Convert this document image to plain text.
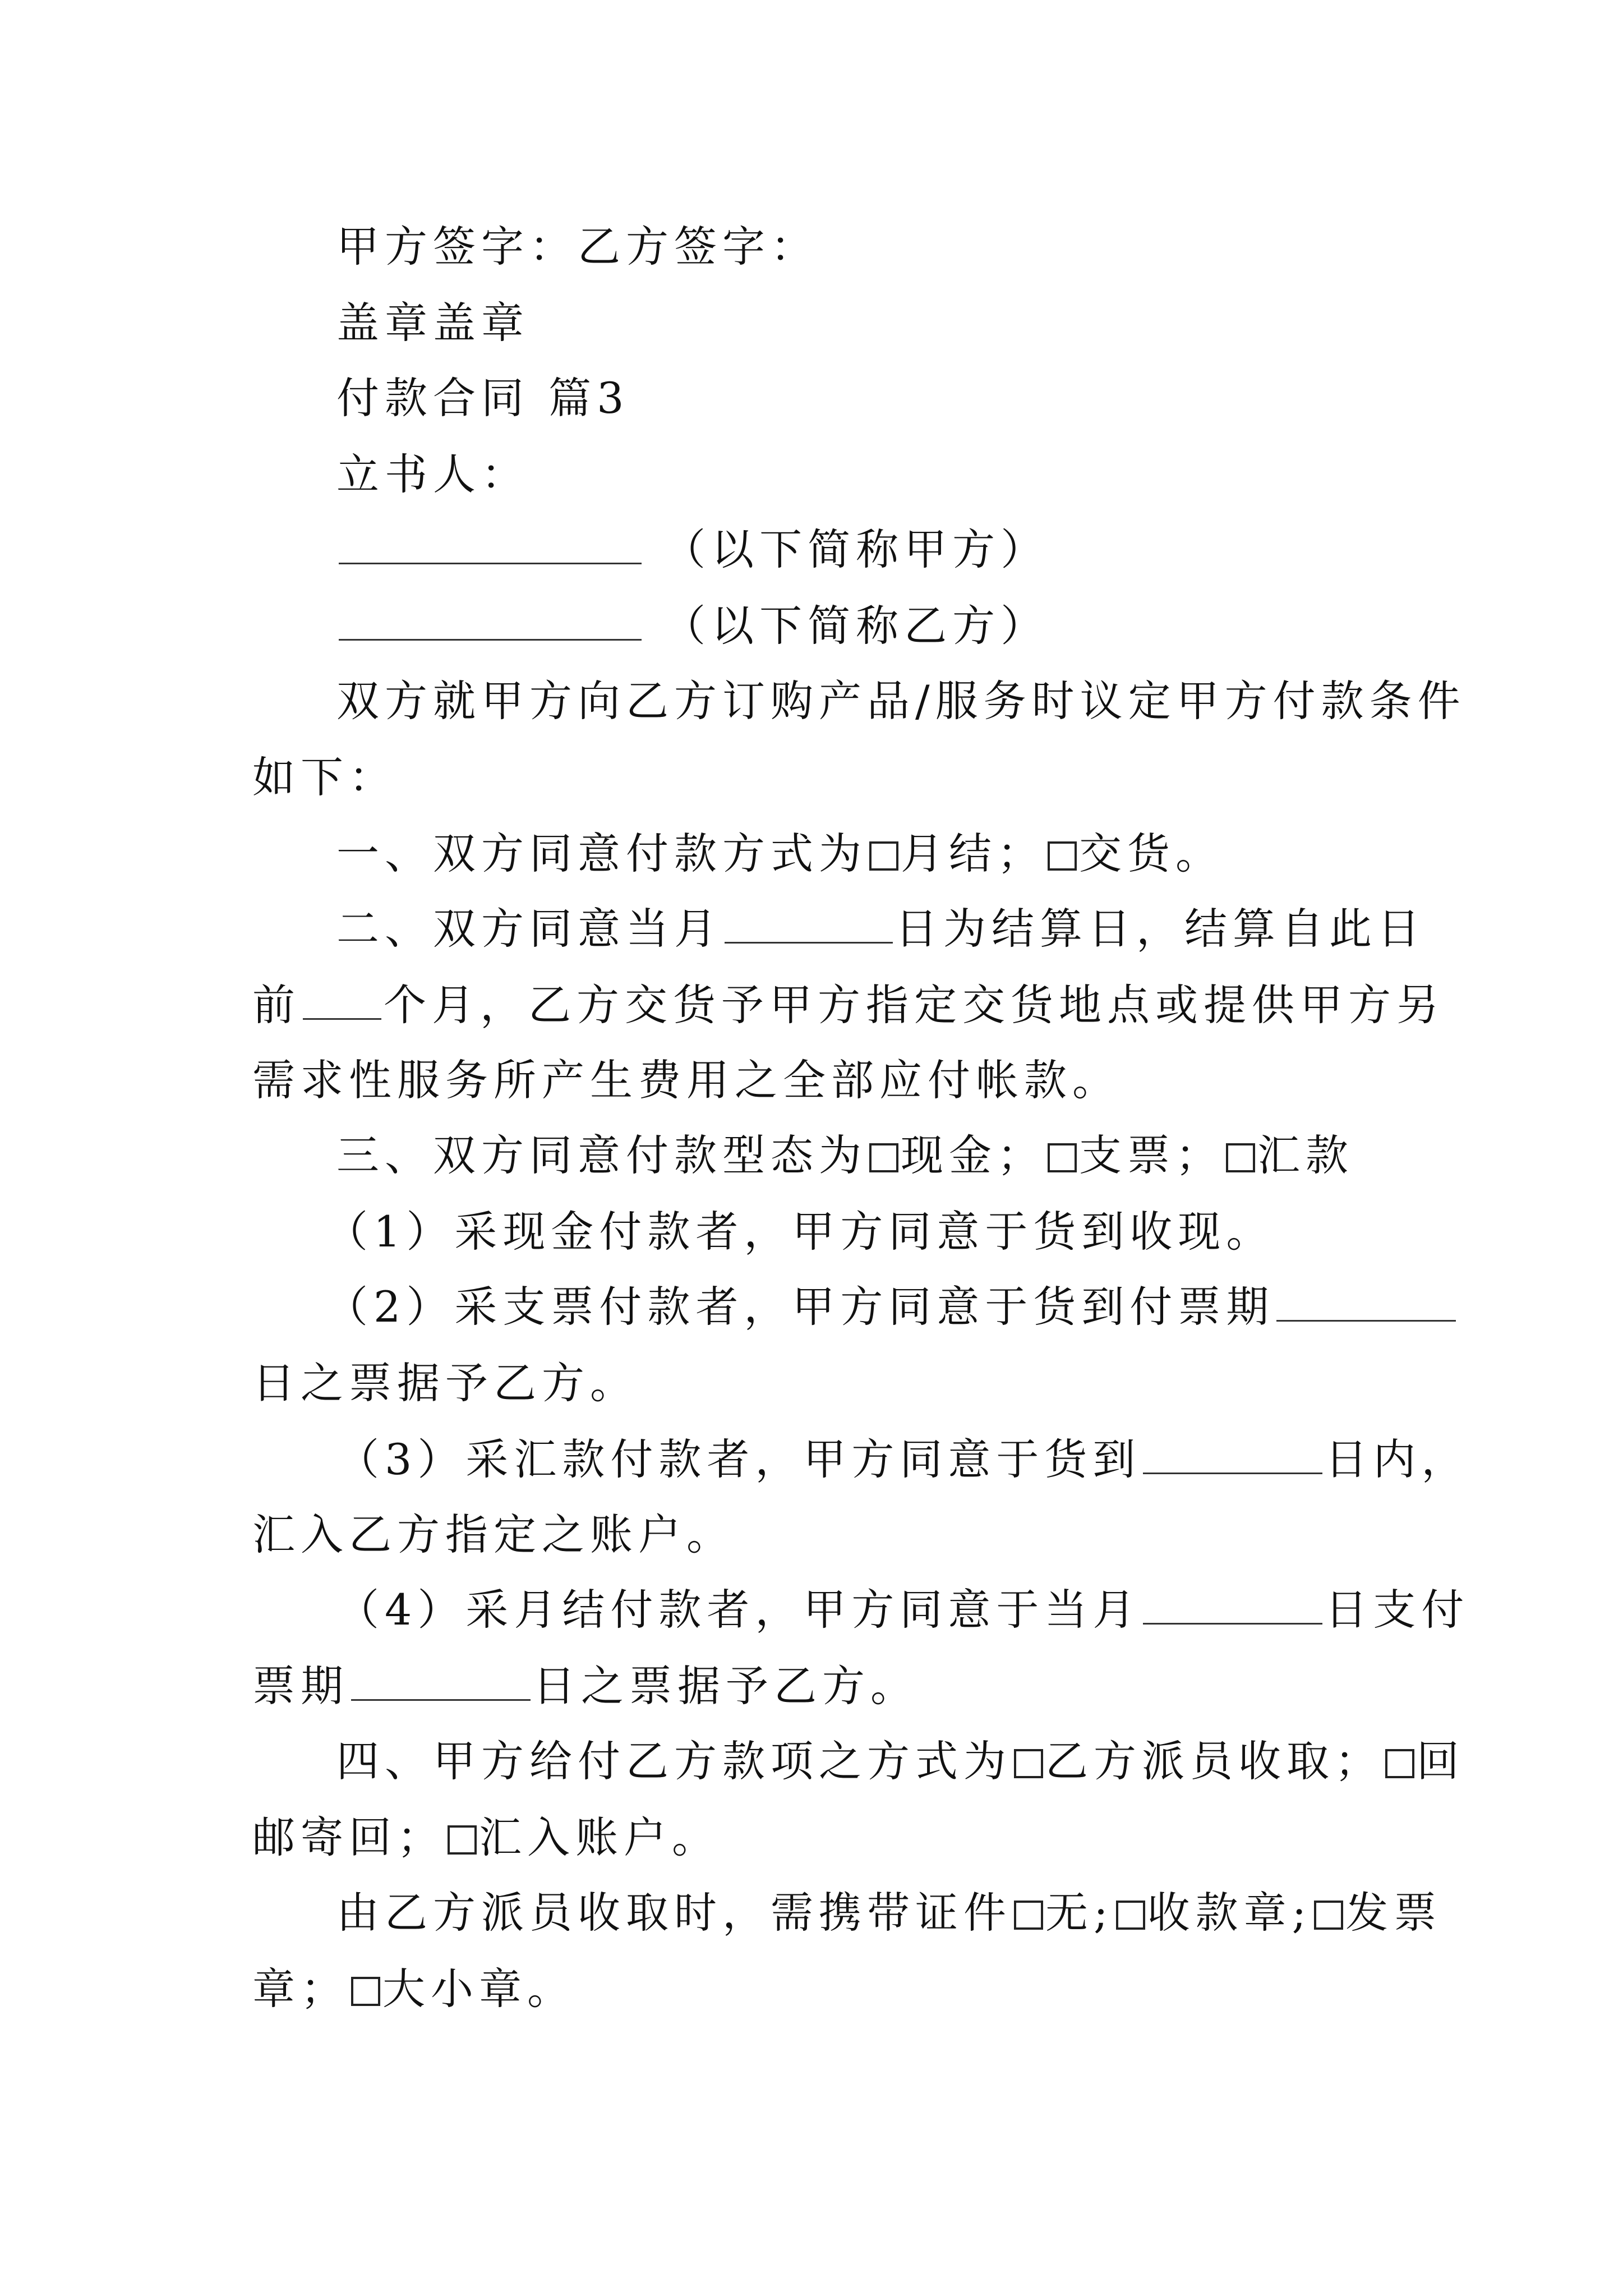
甲方签字：乙方签字：
盖章盖章
付款合同 篇3
立书人：
（以下简称甲方）
（以下简称乙方）
双方就甲方向乙方订购产品/服务时议定甲方付款条件
如下：
一、双方同意付款方式为 月结； 交货。
二、双方同意当月	日为结算日，结算自此日
前 个月，乙方交货予甲方指定交货地点或提供甲方另
需求性服务所产生费用之全部应付帐款。
三、双方同意付款型态为 现金； 支票； 汇款
（1）采现金付款者，甲方同意于货到收现。
（2）采支票付款者，甲方同意于货到付票期
日之票据予乙方。
（3）采汇款付款者，甲方同意于货到	日内，
汇入乙方指定之账户。
（4）采月结付款者，甲方同意于当月	日支付
票期	日之票据予乙方。
四、甲方给付乙方款项之方式为 乙方派员收取； 回
邮寄回； 汇入账户。
由乙方派员收取时，需携带证件 无; 收款章; 发票
章； 大小章。
